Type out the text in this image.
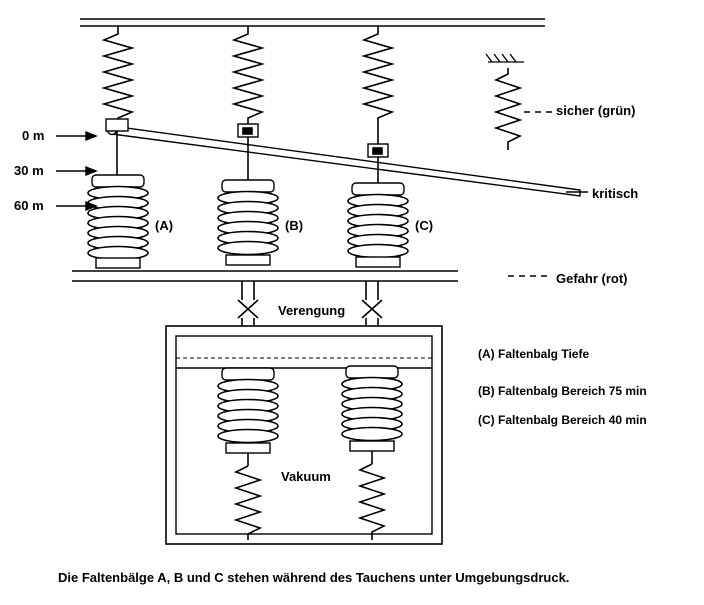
0 m
30 m
60 m
(A)	(B)	(C)
sicher (grün)
kritisch
Gefahr (rot)
Verengung
Vakuum
(A) Faltenbalg Tiefe
(B) Faltenbalg Bereich 75 min
(C) Faltenbalg Bereich 40 min
Die Faltenbälge A, B und C stehen während des Tauchens unter Umgebungsdruck.
